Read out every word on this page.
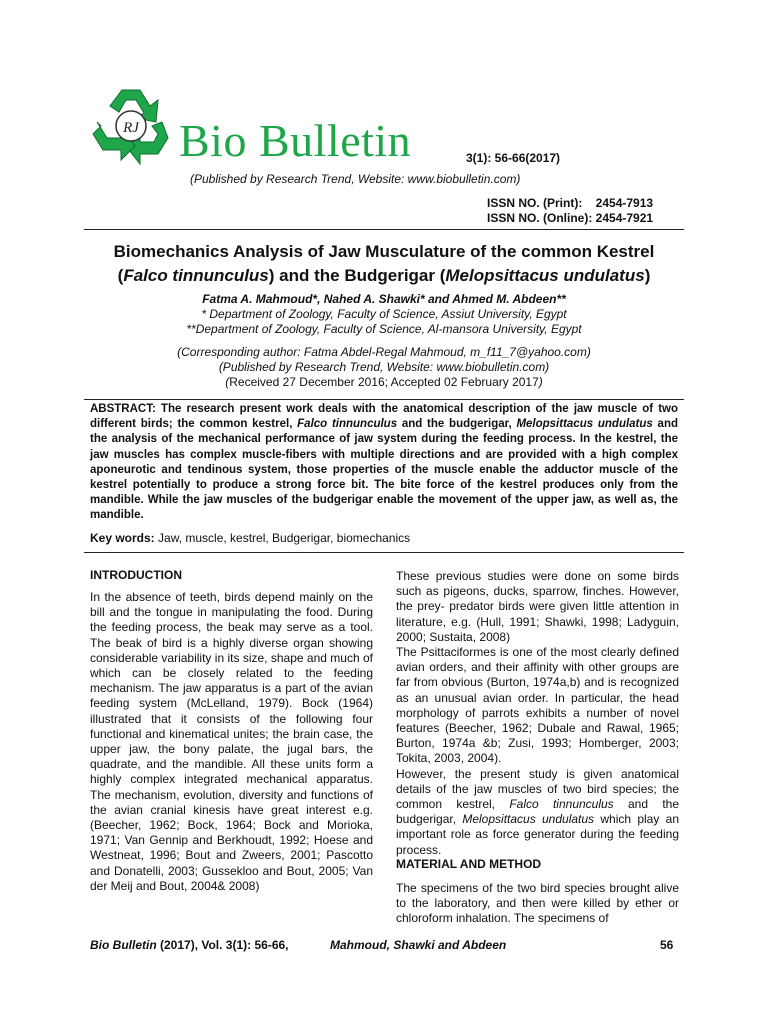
RJ Bio Bulletin	3(1): 56-66(2017)
(Published by Research Trend, Website: www.biobulletin.com)
ISSN NO. (Print):    2454-7913
ISSN NO. (Online): 2454-7921
Biomechanics Analysis of Jaw Musculature of the common Kestrel
(Falco tinnunculus) and the Budgerigar (Melopsittacus undulatus)
Fatma A. Mahmoud*, Nahed A. Shawki* and Ahmed M. Abdeen**
* Department of Zoology, Faculty of Science, Assiut University, Egypt
**Department of Zoology, Faculty of Science, Al-mansora University, Egypt
(Corresponding author: Fatma Abdel-Regal Mahmoud, m_f11_7@yahoo.com)
(Published by Research Trend, Website: www.biobulletin.com)
(Received 27 December 2016; Accepted 02 February 2017)
ABSTRACT: The research present work deals with the anatomical description of the jaw muscle of two different birds; the common kestrel, Falco tinnunculus and the budgerigar, Melopsittacus undulatus and the analysis of the mechanical performance of jaw system during the feeding process. In the kestrel, the jaw muscles has complex muscle-fibers with multiple directions and are provided with a high complex aponeurotic and tendinous system, those properties of the muscle enable the adductor muscle of the kestrel potentially to produce a strong force bit. The bite force of the kestrel produces only from the mandible. While the jaw muscles of the budgerigar enable the movement of the upper jaw, as well as, the mandible.
Key words: Jaw, muscle, kestrel, Budgerigar, biomechanics
INTRODUCTION
In the absence of teeth, birds depend mainly on the bill and the tongue in manipulating the food. During the feeding process, the beak may serve as a tool. The beak of bird is a highly diverse organ showing considerable variability in its size, shape and much of which can be closely related to the feeding mechanism. The jaw apparatus is a part of the avian feeding system (McLelland, 1979). Bock (1964) illustrated that it consists of the following four functional and kinematical unites; the brain case, the upper jaw, the bony palate, the jugal bars, the quadrate, and the mandible. All these units form a highly complex integrated mechanical apparatus. The mechanism, evolution, diversity and functions of the avian cranial kinesis have great interest e.g. (Beecher, 1962; Bock, 1964; Bock and Morioka, 1971; Van Gennip and Berkhoudt, 1992; Hoese and Westneat, 1996; Bout and Zweers, 2001; Pascotto and Donatelli, 2003; Gussekloo and Bout, 2005; Van der Meij and Bout, 2004& 2008)
These previous studies were done on some birds such as pigeons, ducks, sparrow, finches. However, the prey- predator birds were given little attention in literature, e.g. (Hull, 1991; Shawki, 1998; Ladyguin, 2000; Sustaita, 2008)
The Psittaciformes is one of the most clearly defined avian orders, and their affinity with other groups are far from obvious (Burton, 1974a,b) and is recognized as an unusual avian order. In particular, the head morphology of parrots exhibits a number of novel features (Beecher, 1962; Dubale and Rawal, 1965; Burton, 1974a &b; Zusi, 1993; Homberger, 2003; Tokita, 2003, 2004).
However, the present study is given anatomical details of the jaw muscles of two bird species; the common kestrel, Falco tinnunculus and the budgerigar, Melopsittacus undulatus which play an important role as force generator during the feeding process.
MATERIAL AND METHOD
The specimens of the two bird species brought alive to the laboratory, and then were killed by ether or chloroform inhalation. The specimens of
Bio Bulletin (2017), Vol. 3(1): 56-66,	Mahmoud, Shawki and Abdeen	56
